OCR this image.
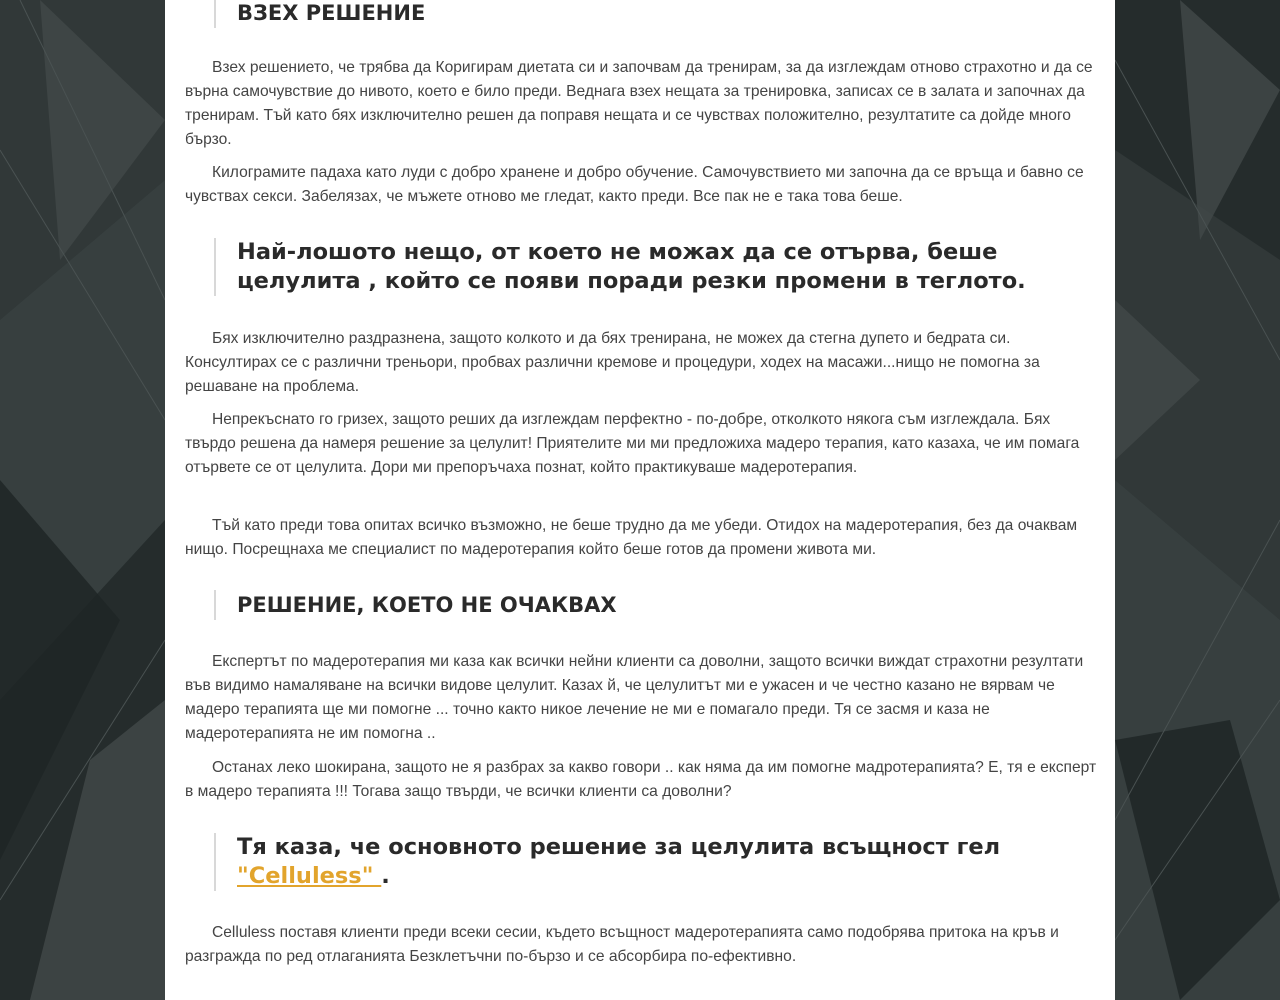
ВЗЕХ РЕШЕНИЕ

Взех решението, че трябва да Коригирам диетата си и започвам да тренирам, за да изглеждам отново страхотно и да се върна самочувствие до нивото, което е било преди. Веднага взех нещата за тренировка, записах се в залата и започнах да тренирам. Тъй като бях изключително решен да поправя нещата и се чувствах положително, резултатите са дойде много бързо.

Килограмите падаха като луди с добро хранене и добро обучение. Самочувствието ми започна да се връща и бавно се чувствах секси. Забелязах, че мъжете отново ме гледат, както преди. Все пак не е така това беше.

Най-лошото нещо, от което не можах да се отърва, беше
целулита , който се появи поради резки промени в теглото.

Бях изключително раздразнена, защото колкото и да бях тренирана, не можех да стегна дупето и бедрата си. Консултирах се с различни треньори, пробвах различни кремове и процедури, ходех на масажи...нищо не помогна за решаване на проблема.

Непрекъснато го гризех, защото реших да изглеждам перфектно - по-добре, отколкото някога съм изглеждала. Бях твърдо решена да намеря решение за целулит! Приятелите ми ми предложиха мадеро терапия, като казаха, че им помага отървете се от целулита. Дори ми препоръчаха познат, който практикуваше мадеротерапия.

Тъй като преди това опитах всичко възможно, не беше трудно да ме убеди. Отидох на мадеротерапия, без да очаквам нищо. Посрещнаха ме специалист по мадеротерапия който беше готов да промени живота ми.

РЕШЕНИЕ, КОЕТО НЕ ОЧАКВАХ

Експертът по мадеротерапия ми каза как всички нейни клиенти са доволни, защото всички виждат страхотни резултати във видимо намаляване на всички видове целулит. Казах й, че целулитът ми е ужасен и че честно казано не вярвам че мадеро терапията ще ми помогне ... точно както никое лечение не ми е помагало преди. Тя се засмя и каза не мадеротерапията не им помогна ..

Останах леко шокирана, защото не я разбрах за какво говори .. как няма да им помогне мадротерапията? Е, тя е експерт в мадеро терапията !!! Тогава защо твърди, че всички клиенти са доволни?

Тя каза, че основното решение за целулита всъщност гел
"Celluless" .

Celluless поставя клиенти преди всеки сесии, където всъщност мадеротерапията само подобрява притока на кръв и разгражда по ред отлаганията Безклетъчни по-бързо и се абсорбира по-ефективно.
